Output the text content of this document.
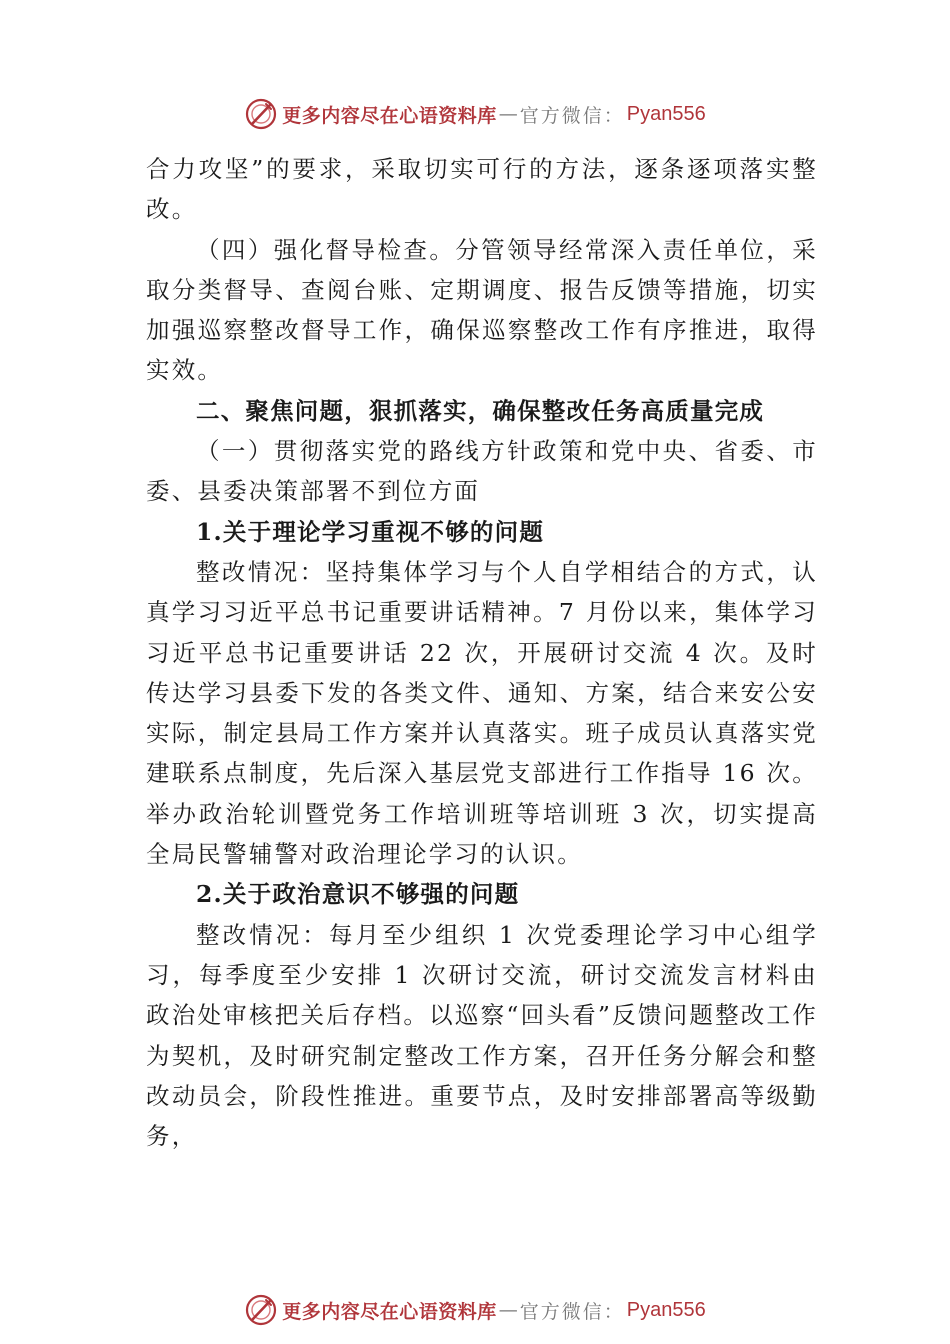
更多内容尽在心语资料库 — 官方微信： Pyan556

合力攻坚”的要求，采取切实可行的方法，逐条逐项落实整改。

（四）强化督导检查。分管领导经常深入责任单位，采取分类督导、查阅台账、定期调度、报告反馈等措施，切实加强巡察整改督导工作，确保巡察整改工作有序推进，取得实效。

二、聚焦问题，狠抓落实，确保整改任务高质量完成

（一）贯彻落实党的路线方针政策和党中央、省委、市委、县委决策部署不到位方面

1.关于理论学习重视不够的问题

整改情况：坚持集体学习与个人自学相结合的方式，认真学习习近平总书记重要讲话精神。7 月份以来，集体学习习近平总书记重要讲话 22 次，开展研讨交流 4 次。及时传达学习县委下发的各类文件、通知、方案，结合来安公安实际，制定县局工作方案并认真落实。班子成员认真落实党建联系点制度，先后深入基层党支部进行工作指导 16 次。举办政治轮训暨党务工作培训班等培训班 3 次，切实提高全局民警辅警对政治理论学习的认识。

2.关于政治意识不够强的问题

整改情况：每月至少组织 1 次党委理论学习中心组学习，每季度至少安排 1 次研讨交流，研讨交流发言材料由政治处审核把关后存档。以巡察“回头看”反馈问题整改工作为契机，及时研究制定整改工作方案，召开任务分解会和整改动员会，阶段性推进。重要节点，及时安排部署高等级勤务，

更多内容尽在心语资料库 — 官方微信： Pyan556
